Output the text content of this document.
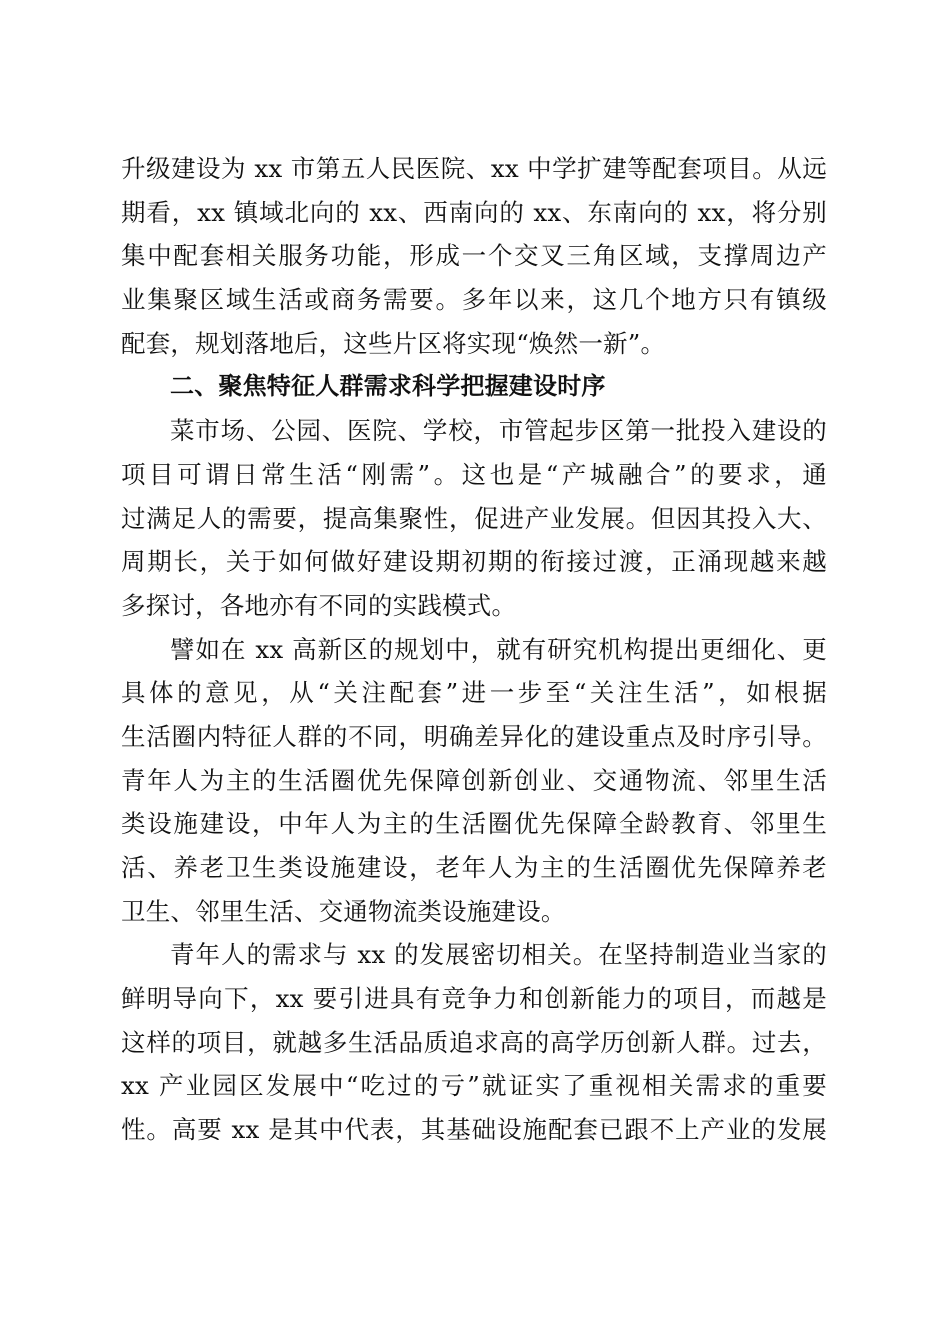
升级建设为 xx 市第五人民医院、xx 中学扩建等配套项目。从远
期看，xx 镇域北向的 xx、西南向的 xx、东南向的 xx，将分别
集中配套相关服务功能，形成一个交叉三角区域，支撑周边产
业集聚区域生活或商务需要。多年以来，这几个地方只有镇级
配套，规划落地后，这些片区将实现“焕然一新”。
二、聚焦特征人群需求科学把握建设时序
菜市场、公园、医院、学校，市管起步区第一批投入建设的
项目可谓日常生活“刚需”。这也是“产城融合”的要求，通
过满足人的需要，提高集聚性，促进产业发展。但因其投入大、
周期长，关于如何做好建设期初期的衔接过渡，正涌现越来越
多探讨，各地亦有不同的实践模式。
譬如在 xx 高新区的规划中，就有研究机构提出更细化、更
具体的意见，从“关注配套”进一步至“关注生活”，如根据
生活圈内特征人群的不同，明确差异化的建设重点及时序引导。
青年人为主的生活圈优先保障创新创业、交通物流、邻里生活
类设施建设，中年人为主的生活圈优先保障全龄教育、邻里生
活、养老卫生类设施建设，老年人为主的生活圈优先保障养老
卫生、邻里生活、交通物流类设施建设。
青年人的需求与 xx 的发展密切相关。在坚持制造业当家的
鲜明导向下，xx 要引进具有竞争力和创新能力的项目，而越是
这样的项目，就越多生活品质追求高的高学历创新人群。过去，
xx 产业园区发展中“吃过的亏”就证实了重视相关需求的重要
性。高要 xx 是其中代表，其基础设施配套已跟不上产业的发展
